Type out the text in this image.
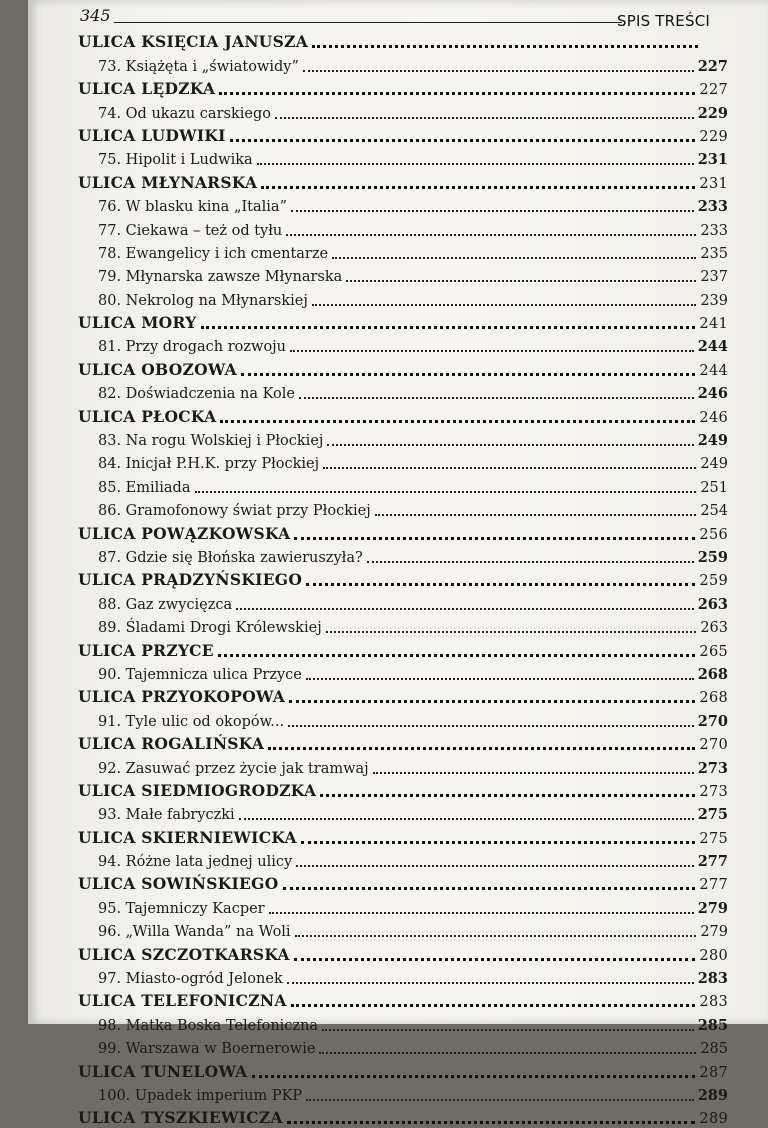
345	SPIS TREŚCI
ULICA KSIĘCIA JANUSZA
73. Książęta i „światowidy”	227
ULICA LĘDZKA	227
74. Od ukazu carskiego	229
ULICA LUDWIKI	229
75. Hipolit i Ludwika	231
ULICA MŁYNARSKA	231
76. W blasku kina „Italia”	233
77. Ciekawa – też od tyłu	233
78. Ewangelicy i ich cmentarze	235
79. Młynarska zawsze Młynarska	237
80. Nekrolog na Młynarskiej	239
ULICA MORY	241
81. Przy drogach rozwoju	244
ULICA OBOZOWA	244
82. Doświadczenia na Kole	246
ULICA PŁOCKA	246
83. Na rogu Wolskiej i Płockiej	249
84. Inicjał P.H.K. przy Płockiej	249
85. Emiliada	251
86. Gramofonowy świat przy Płockiej	254
ULICA POWĄZKOWSKA	256
87. Gdzie się Błońska zawieruszyła?	259
ULICA PRĄDZYŃSKIEGO	259
88. Gaz zwycięzca	263
89. Śladami Drogi Królewskiej	263
ULICA PRZYCE	265
90. Tajemnicza ulica Przyce	268
ULICA PRZYOKOPOWA	268
91. Tyle ulic od okopów...	270
ULICA ROGALIŃSKA	270
92. Zasuwać przez życie jak tramwaj	273
ULICA SIEDMIOGRODZKA	273
93. Małe fabryczki	275
ULICA SKIERNIEWICKA	275
94. Różne lata jednej ulicy	277
ULICA SOWIŃSKIEGO	277
95. Tajemniczy Kacper	279
96. „Willa Wanda” na Woli	279
ULICA SZCZOTKARSKA	280
97. Miasto-ogród Jelonek	283
ULICA TELEFONICZNA	283
98. Matka Boska Telefoniczna	285
99. Warszawa w Boernerowie	285
ULICA TUNELOWA	287
100. Upadek imperium PKP	289
ULICA TYSZKIEWICZA	289
